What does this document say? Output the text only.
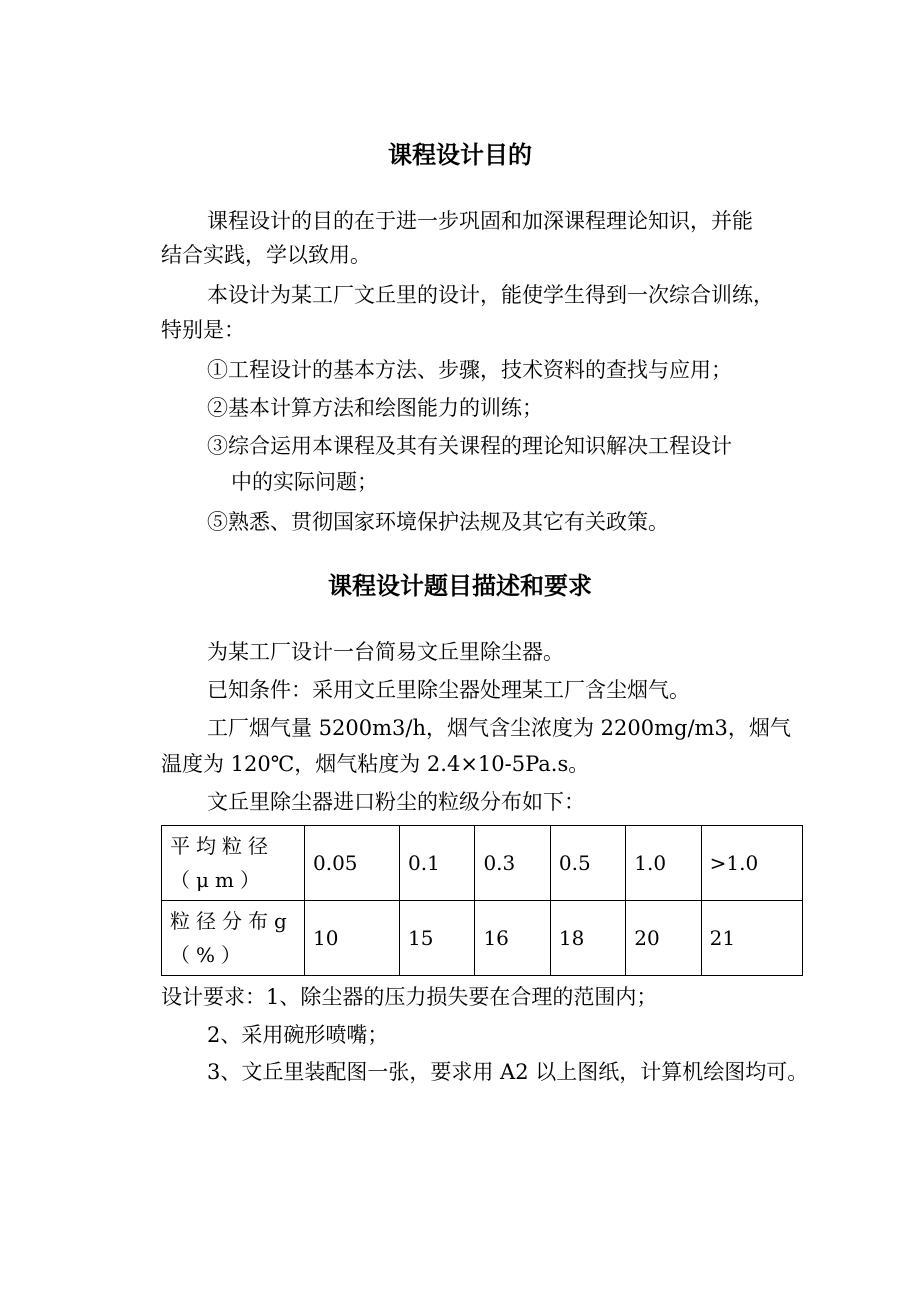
课程设计目的

课程设计的目的在于进一步巩固和加深课程理论知识，并能

结合实践，学以致用。

本设计为某工厂文丘里的设计，能使学生得到一次综合训练，

特别是：

①工程设计的基本方法、步骤，技术资料的查找与应用；

②基本计算方法和绘图能力的训练；

③综合运用本课程及其有关课程的理论知识解决工程设计

中的实际问题；

⑤熟悉、贯彻国家环境保护法规及其它有关政策。

课程设计题目描述和要求

为某工厂设计一台简易文丘里除尘器。

已知条件：采用文丘里除尘器处理某工厂含尘烟气。

工厂烟气量 5200m3/h，烟气含尘浓度为 2200mg/m3，烟气

温度为 120℃，烟气粘度为 2.4×10-5Pa.s。

文丘里除尘器进口粉尘的粒级分布如下：

平均粒径（μm）	0.05	0.1	0.3	0.5	1.0	>1.0
粒径分布g（%）	10	15	16	18	20	21

设计要求：1、除尘器的压力损失要在合理的范围内；

2、采用碗形喷嘴；

3、文丘里装配图一张，要求用 A2 以上图纸，计算机绘图均可。
